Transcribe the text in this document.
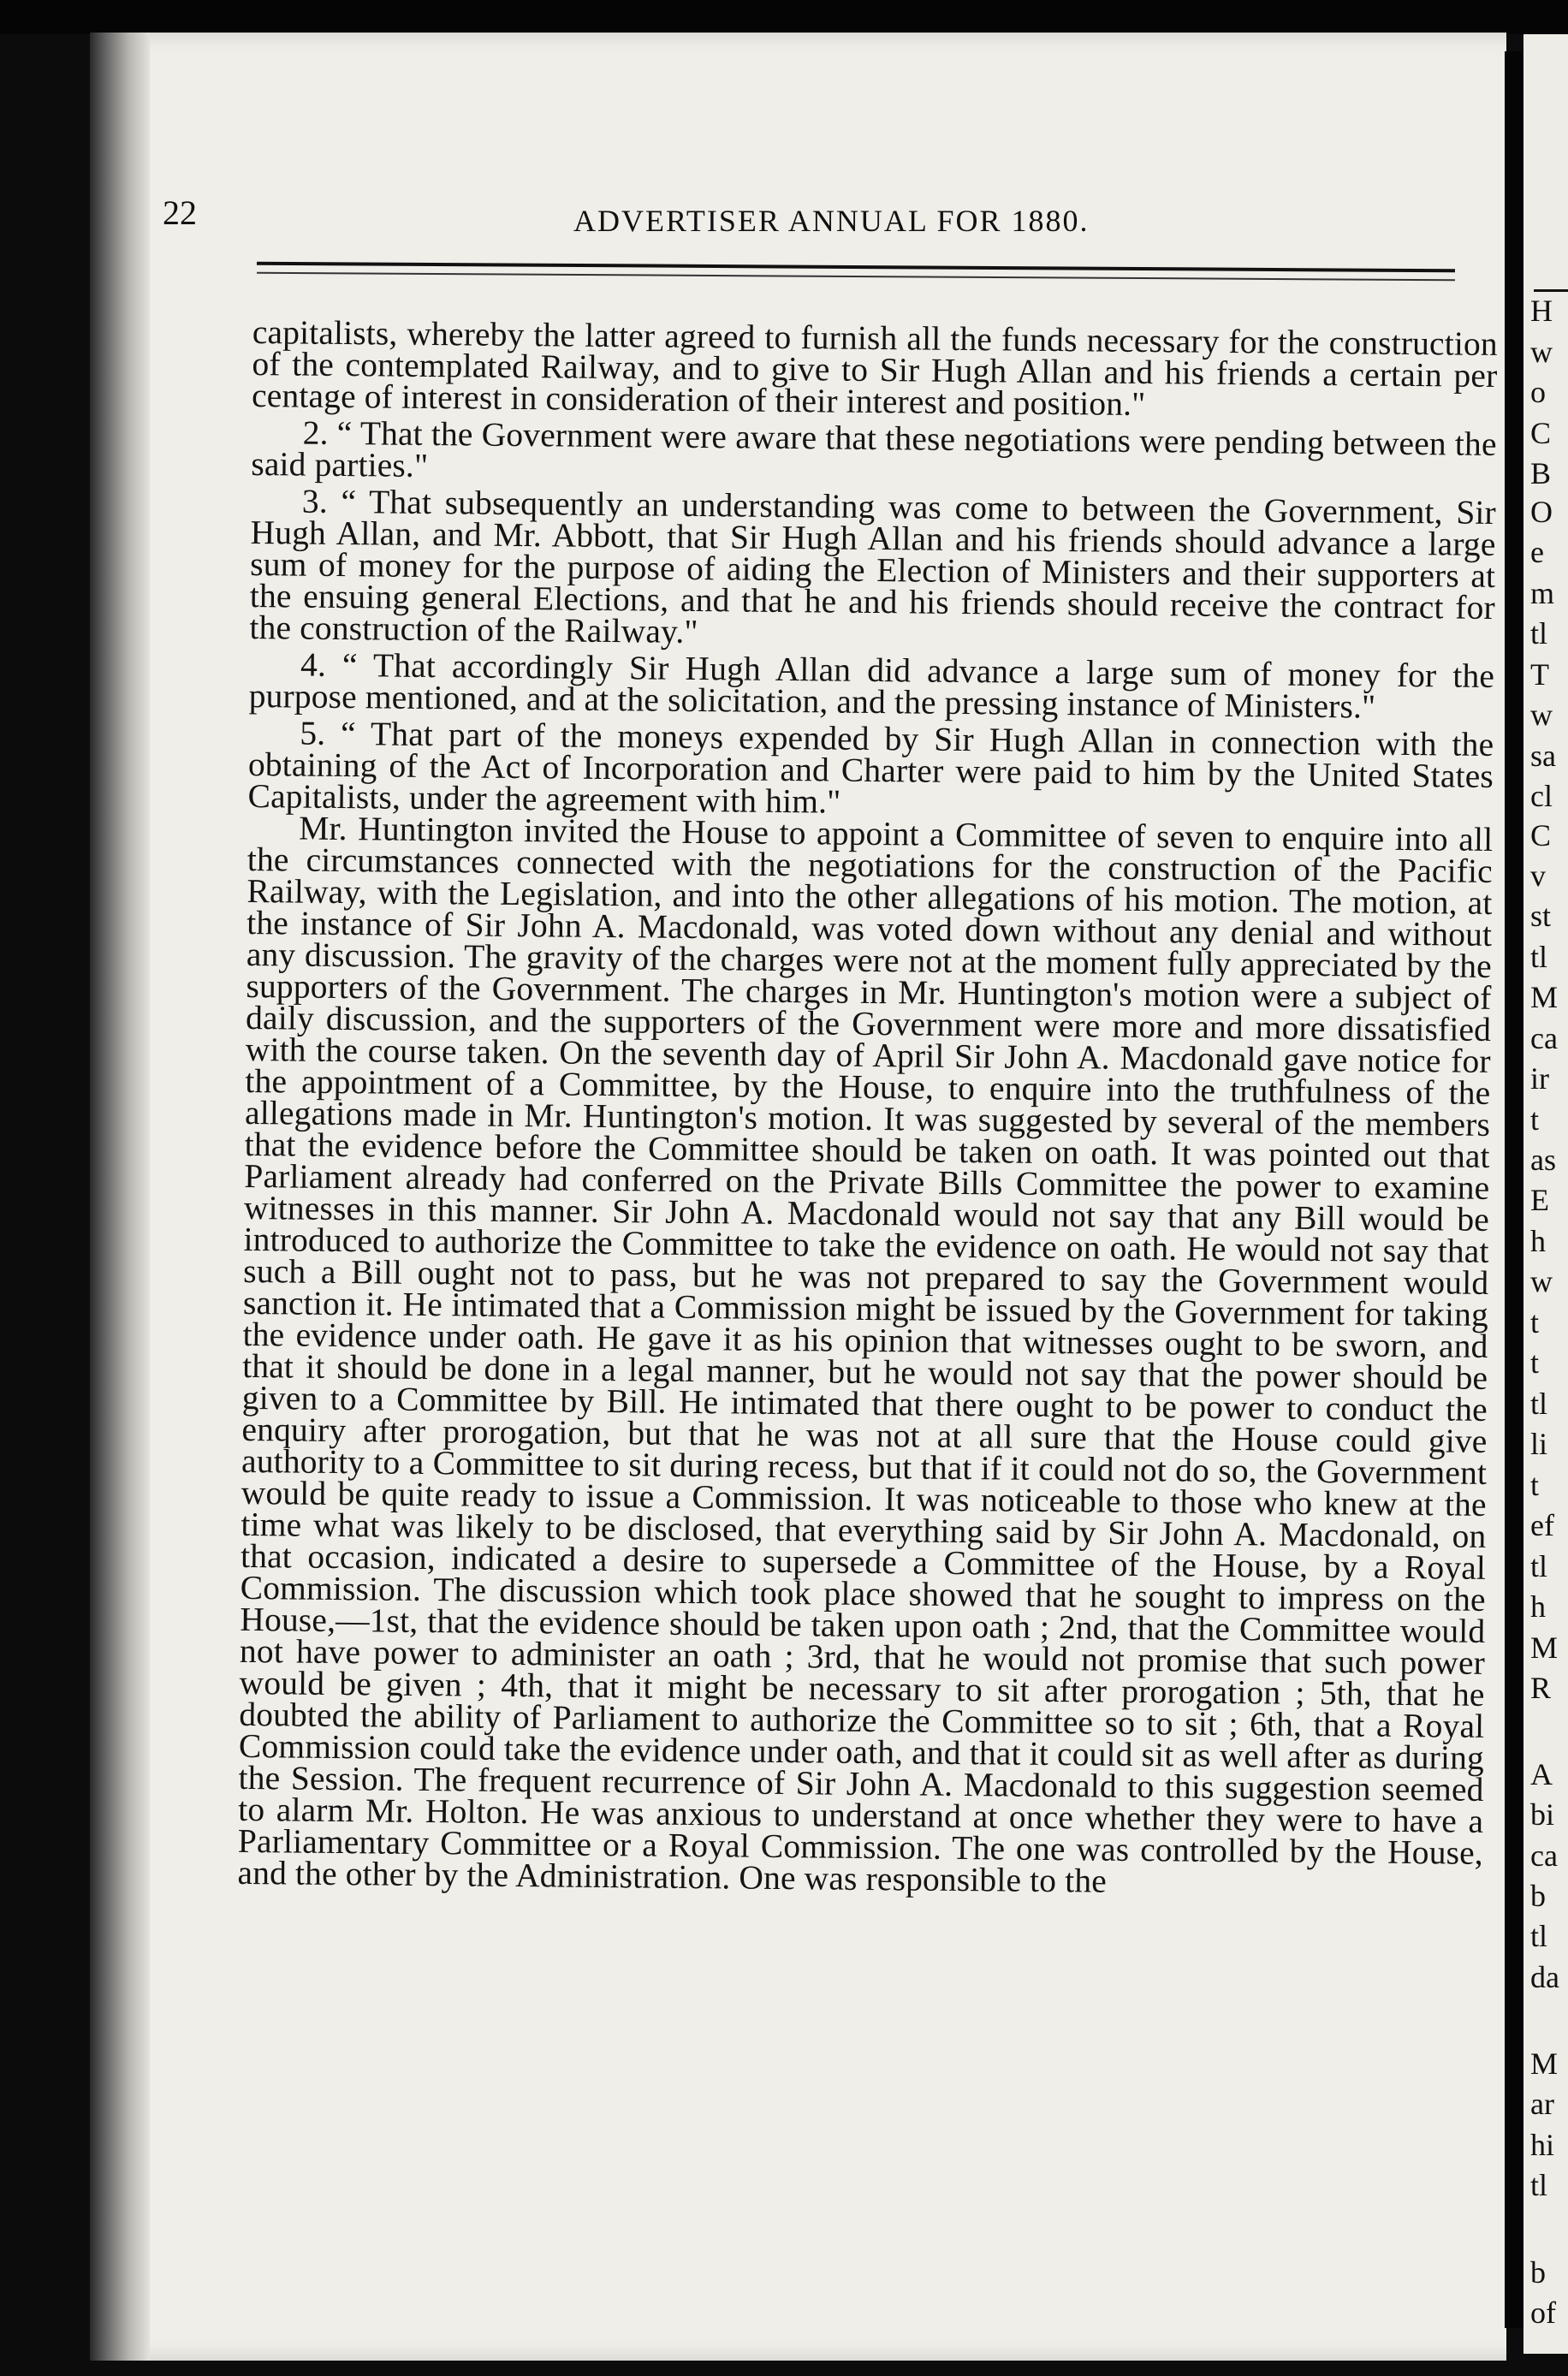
H
w
o
C
B
O
e
m
tl
T
w
sa
cl
C
v
st
tl
M
ca
ir
t
as
E
h
w
t
t
tl
li
t
ef
tl
h
M
R
A
bi
ca
b
tl
da
M
ar
hi
tl
b
of
22	ADVERTISER ANNUAL FOR 1880.

capitalists, whereby the latter agreed to furnish all the funds necessary for the construction of the contemplated Railway, and to give to Sir Hugh Allan and his friends a certain per centage of interest in consideration of their interest and position."

2. “ That the Government were aware that these negotiations were pending between the said parties."

3. “ That subsequently an understanding was come to between the Government, Sir Hugh Allan, and Mr. Abbott, that Sir Hugh Allan and his friends should advance a large sum of money for the purpose of aiding the Election of Ministers and their supporters at the ensuing general Elections, and that he and his friends should receive the contract for the construction of the Railway."

4. “ That accordingly Sir Hugh Allan did advance a large sum of money for the purpose mentioned, and at the solicitation, and the pressing instance of Ministers."

5. “ That part of the moneys expended by Sir Hugh Allan in connection with the obtaining of the Act of Incorporation and Charter were paid to him by the United States Capitalists, under the agreement with him."

Mr. Huntington invited the House to appoint a Committee of seven to enquire into all the circumstances connected with the negotiations for the construction of the Pacific Railway, with the Legislation, and into the other allegations of his motion. The motion, at the instance of Sir John A. Macdonald, was voted down without any denial and without any discussion. The gravity of the charges were not at the moment fully appreciated by the supporters of the Government. The charges in Mr. Huntington's motion were a subject of daily discussion, and the supporters of the Government were more and more dissatisfied with the course taken. On the seventh day of April Sir John A. Macdonald gave notice for the appointment of a Committee, by the House, to enquire into the truthfulness of the allegations made in Mr. Huntington's motion. It was suggested by several of the members that the evidence before the Committee should be taken on oath. It was pointed out that Parliament already had conferred on the Private Bills Committee the power to examine witnesses in this manner. Sir John A. Macdonald would not say that any Bill would be introduced to authorize the Committee to take the evidence on oath. He would not say that such a Bill ought not to pass, but he was not prepared to say the Government would sanction it. He intimated that a Commission might be issued by the Government for taking the evidence under oath. He gave it as his opinion that witnesses ought to be sworn, and that it should be done in a legal manner, but he would not say that the power should be given to a Committee by Bill. He intimated that there ought to be power to conduct the enquiry after prorogation, but that he was not at all sure that the House could give authority to a Committee to sit during recess, but that if it could not do so, the Government would be quite ready to issue a Commission. It was noticeable to those who knew at the time what was likely to be disclosed, that everything said by Sir John A. Macdonald, on that occasion, indicated a desire to supersede a Committee of the House, by a Royal Commission. The discussion which took place showed that he sought to impress on the House,—1st, that the evidence should be taken upon oath ; 2nd, that the Committee would not have power to administer an oath ; 3rd, that he would not promise that such power would be given ; 4th, that it might be necessary to sit after prorogation ; 5th, that he doubted the ability of Parliament to authorize the Committee so to sit ; 6th, that a Royal Commission could take the evidence under oath, and that it could sit as well after as during the Session. The frequent recurrence of Sir John A. Macdonald to this suggestion seemed to alarm Mr. Holton. He was anxious to understand at once whether they were to have a Parliamentary Committee or a Royal Commission. The one was controlled by the House, and the other by the Administration. One was responsible to the
